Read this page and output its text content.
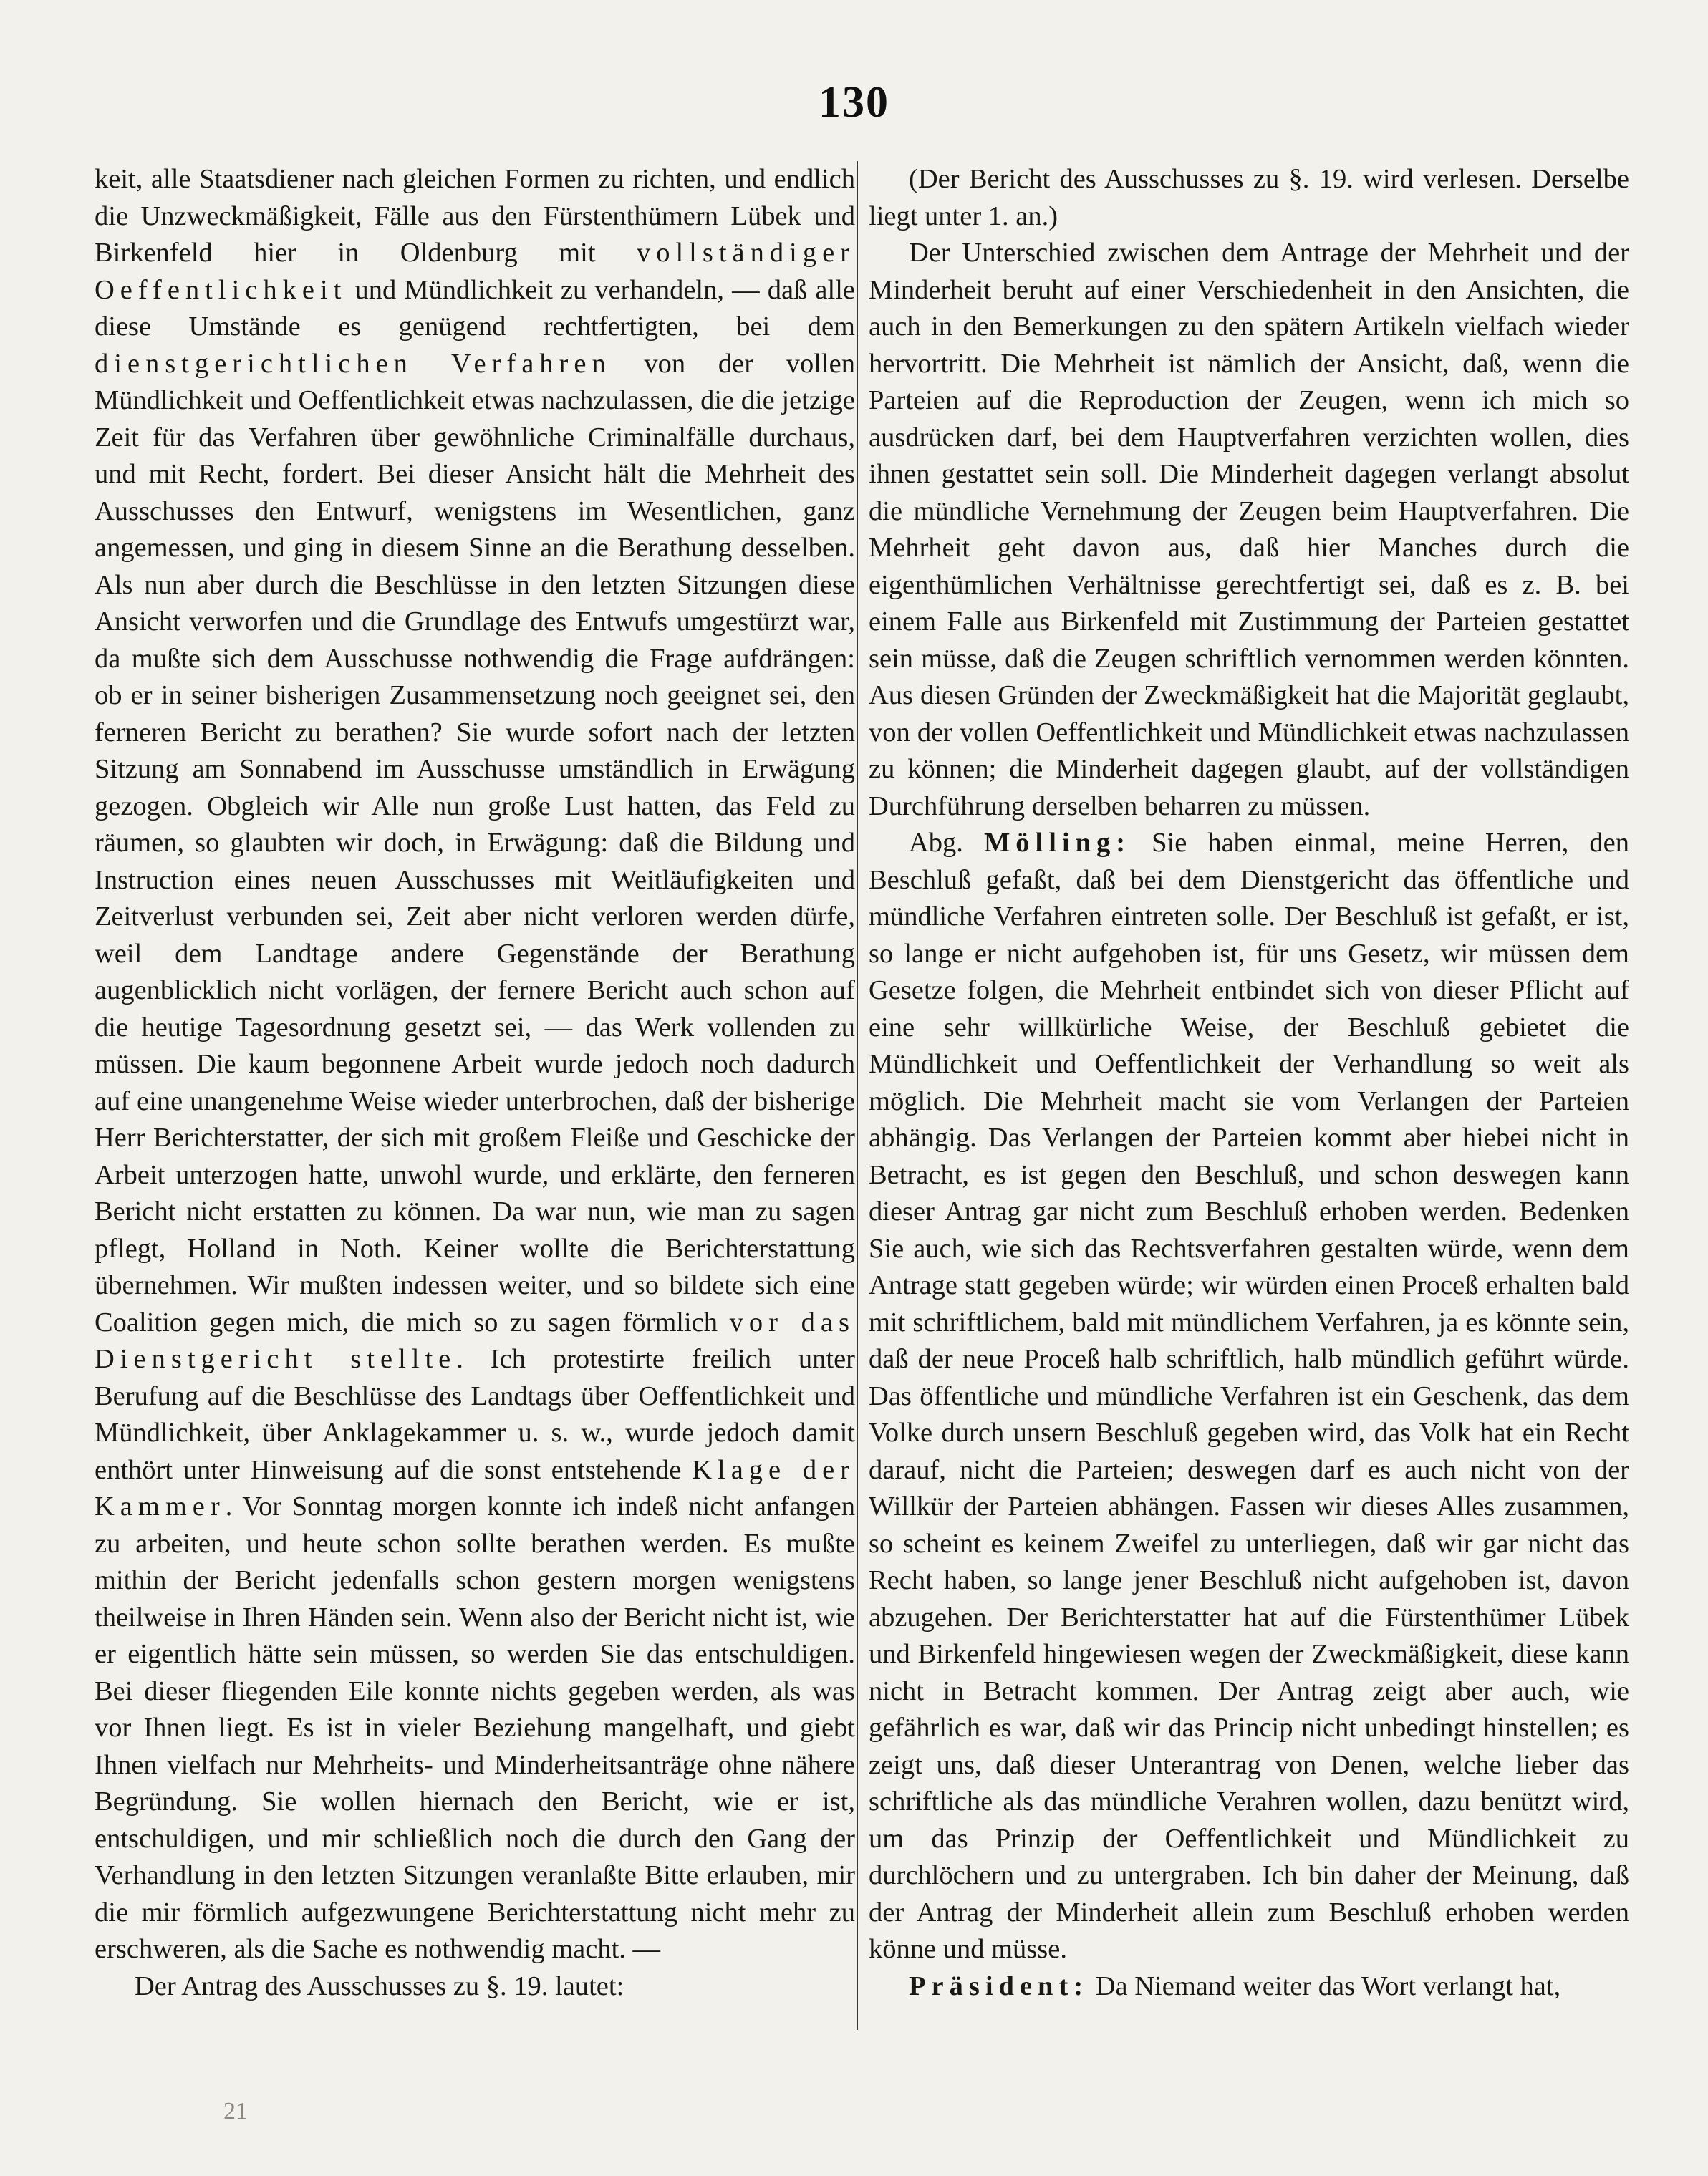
130

keit, alle Staatsdiener nach gleichen Formen zu richten, und endlich die Unzweckmäßigkeit, Fälle aus den Fürstenthümern Lübek und Birkenfeld hier in Oldenburg mit vollständiger Oeffentlichkeit und Mündlichkeit zu verhandeln, — daß alle diese Umstände es genügend rechtfertigten, bei dem dienstgerichtlichen Verfahren von der vollen Mündlichkeit und Oeffentlichkeit etwas nachzulassen, die die jetzige Zeit für das Verfahren über gewöhnliche Criminalfälle durchaus, und mit Recht, fordert. Bei dieser Ansicht hält die Mehrheit des Ausschusses den Entwurf, wenigstens im Wesentlichen, ganz angemessen, und ging in diesem Sinne an die Berathung desselben. Als nun aber durch die Beschlüsse in den letzten Sitzungen diese Ansicht verworfen und die Grundlage des Entwufs umgestürzt war, da mußte sich dem Ausschusse nothwendig die Frage aufdrängen: ob er in seiner bisherigen Zusammensetzung noch geeignet sei, den ferneren Bericht zu berathen? Sie wurde sofort nach der letzten Sitzung am Sonnabend im Ausschusse umständlich in Erwägung gezogen. Obgleich wir Alle nun große Lust hatten, das Feld zu räumen, so glaubten wir doch, in Erwägung: daß die Bildung und Instruction eines neuen Ausschusses mit Weitläufigkeiten und Zeitverlust verbunden sei, Zeit aber nicht verloren werden dürfe, weil dem Landtage andere Gegenstände der Berathung augenblicklich nicht vorlägen, der fernere Bericht auch schon auf die heutige Tagesordnung gesetzt sei, — das Werk vollenden zu müssen. Die kaum begonnene Arbeit wurde jedoch noch dadurch auf eine unangenehme Weise wieder unterbrochen, daß der bisherige Herr Berichterstatter, der sich mit großem Fleiße und Geschicke der Arbeit unterzogen hatte, unwohl wurde, und erklärte, den ferneren Bericht nicht erstatten zu können. Da war nun, wie man zu sagen pflegt, Holland in Noth. Keiner wollte die Berichterstattung übernehmen. Wir mußten indessen weiter, und so bildete sich eine Coalition gegen mich, die mich so zu sagen förmlich vor das Dienstgericht stellte. Ich protestirte freilich unter Berufung auf die Beschlüsse des Landtags über Oeffentlichkeit und Mündlichkeit, über Anklagekammer u. s. w., wurde jedoch damit enthört unter Hinweisung auf die sonst entstehende Klage der Kammer. Vor Sonntag morgen konnte ich indeß nicht anfangen zu arbeiten, und heute schon sollte berathen werden. Es mußte mithin der Bericht jedenfalls schon gestern morgen wenigstens theilweise in Ihren Händen sein. Wenn also der Bericht nicht ist, wie er eigentlich hätte sein müssen, so werden Sie das entschuldigen. Bei dieser fliegenden Eile konnte nichts gegeben werden, als was vor Ihnen liegt. Es ist in vieler Beziehung mangelhaft, und giebt Ihnen vielfach nur Mehrheits- und Minderheitsanträge ohne nähere Begründung. Sie wollen hiernach den Bericht, wie er ist, entschuldigen, und mir schließlich noch die durch den Gang der Verhandlung in den letzten Sitzungen veranlaßte Bitte erlauben, mir die mir förmlich aufgezwungene Berichterstattung nicht mehr zu erschweren, als die Sache es nothwendig macht. —

Der Antrag des Ausschusses zu §. 19. lautet:

(Der Bericht des Ausschusses zu §. 19. wird verlesen. Derselbe liegt unter 1. an.)

Der Unterschied zwischen dem Antrage der Mehrheit und der Minderheit beruht auf einer Verschiedenheit in den Ansichten, die auch in den Bemerkungen zu den spätern Artikeln vielfach wieder hervortritt. Die Mehrheit ist nämlich der Ansicht, daß, wenn die Parteien auf die Reproduction der Zeugen, wenn ich mich so ausdrücken darf, bei dem Hauptverfahren verzichten wollen, dies ihnen gestattet sein soll. Die Minderheit dagegen verlangt absolut die mündliche Vernehmung der Zeugen beim Hauptverfahren. Die Mehrheit geht davon aus, daß hier Manches durch die eigenthümlichen Verhältnisse gerechtfertigt sei, daß es z. B. bei einem Falle aus Birkenfeld mit Zustimmung der Parteien gestattet sein müsse, daß die Zeugen schriftlich vernommen werden könnten. Aus diesen Gründen der Zweckmäßigkeit hat die Majorität geglaubt, von der vollen Oeffentlichkeit und Mündlichkeit etwas nachzulassen zu können; die Minderheit dagegen glaubt, auf der vollständigen Durchführung derselben beharren zu müssen.

Abg. Mölling: Sie haben einmal, meine Herren, den Beschluß gefaßt, daß bei dem Dienstgericht das öffentliche und mündliche Verfahren eintreten solle. Der Beschluß ist gefaßt, er ist, so lange er nicht aufgehoben ist, für uns Gesetz, wir müssen dem Gesetze folgen, die Mehrheit entbindet sich von dieser Pflicht auf eine sehr willkürliche Weise, der Beschluß gebietet die Mündlichkeit und Oeffentlichkeit der Verhandlung so weit als möglich. Die Mehrheit macht sie vom Verlangen der Parteien abhängig. Das Verlangen der Parteien kommt aber hiebei nicht in Betracht, es ist gegen den Beschluß, und schon deswegen kann dieser Antrag gar nicht zum Beschluß erhoben werden. Bedenken Sie auch, wie sich das Rechtsverfahren gestalten würde, wenn dem Antrage statt gegeben würde; wir würden einen Proceß erhalten bald mit schriftlichem, bald mit mündlichem Verfahren, ja es könnte sein, daß der neue Proceß halb schriftlich, halb mündlich geführt würde. Das öffentliche und mündliche Verfahren ist ein Geschenk, das dem Volke durch unsern Beschluß gegeben wird, das Volk hat ein Recht darauf, nicht die Parteien; deswegen darf es auch nicht von der Willkür der Parteien abhängen. Fassen wir dieses Alles zusammen, so scheint es keinem Zweifel zu unterliegen, daß wir gar nicht das Recht haben, so lange jener Beschluß nicht aufgehoben ist, davon abzugehen. Der Berichterstatter hat auf die Fürstenthümer Lübek und Birkenfeld hingewiesen wegen der Zweckmäßigkeit, diese kann nicht in Betracht kommen. Der Antrag zeigt aber auch, wie gefährlich es war, daß wir das Princip nicht unbedingt hinstellen; es zeigt uns, daß dieser Unterantrag von Denen, welche lieber das schriftliche als das mündliche Verahren wollen, dazu benützt wird, um das Prinzip der Oeffentlichkeit und Mündlichkeit zu durchlöchern und zu untergraben. Ich bin daher der Meinung, daß der Antrag der Minderheit allein zum Beschluß erhoben werden könne und müsse.

Präsident: Da Niemand weiter das Wort verlangt hat,

21
